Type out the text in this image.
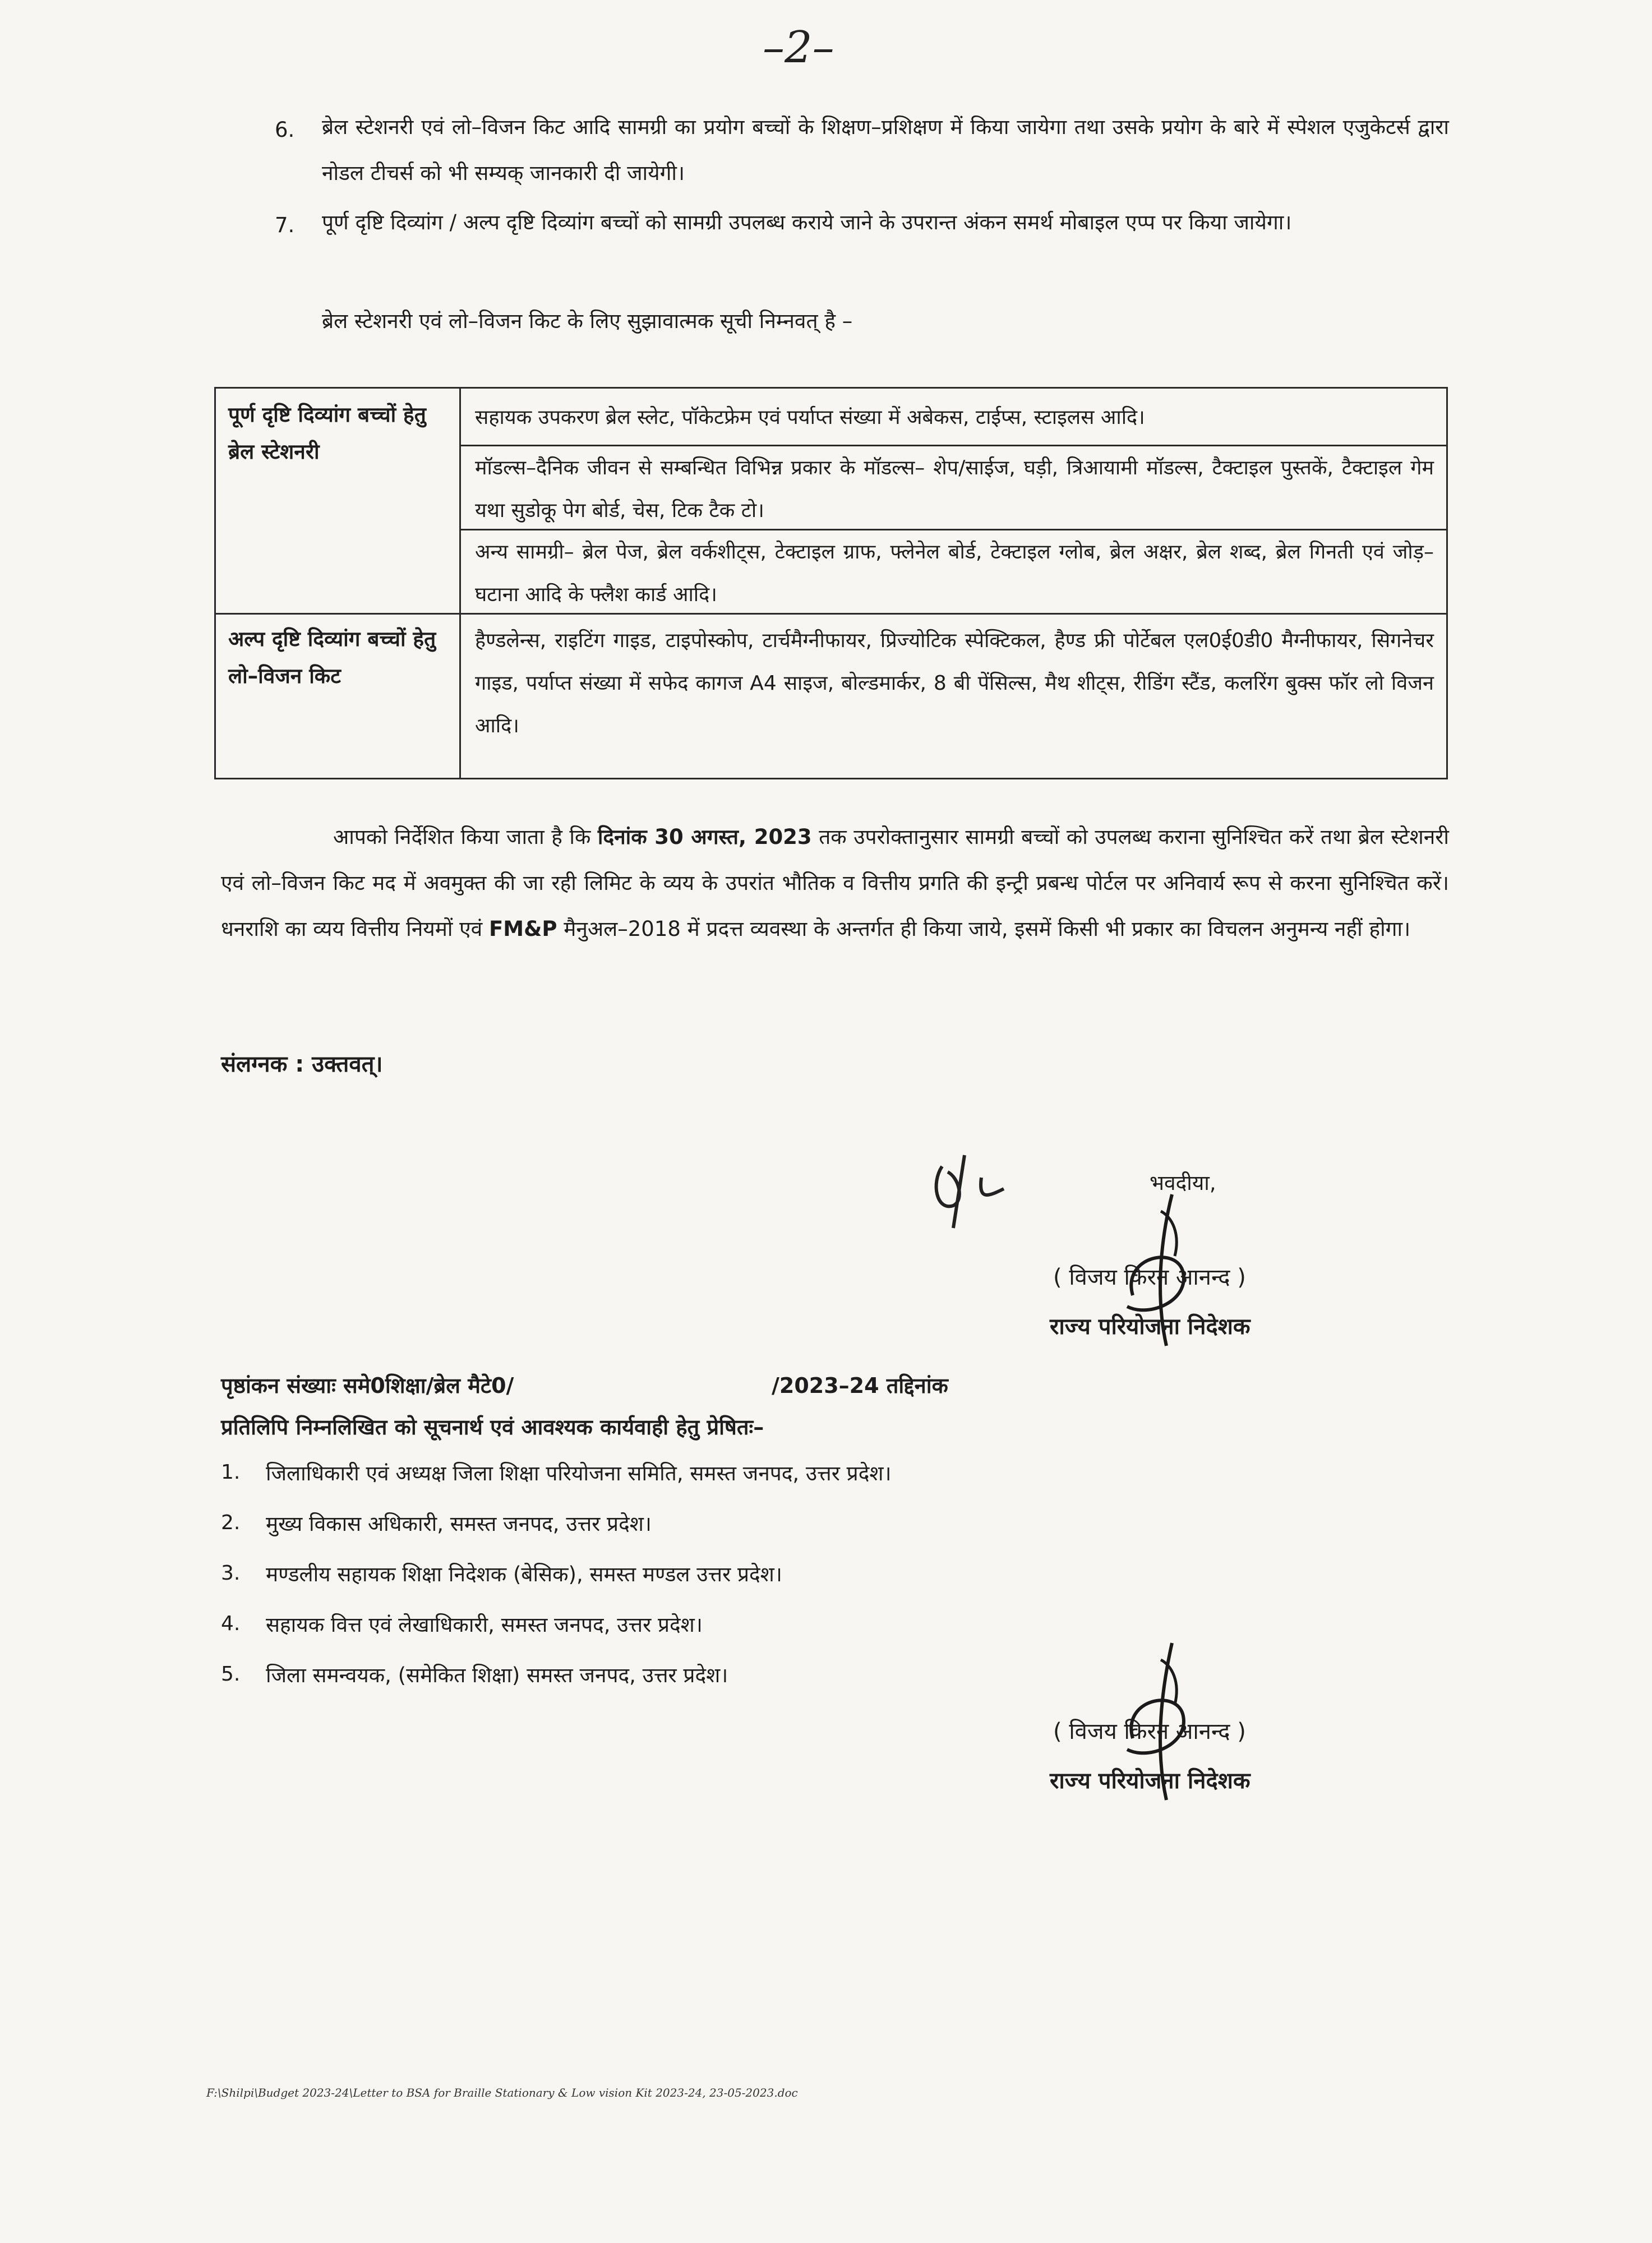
–2–
6. ब्रेल स्टेशनरी एवं लो–विजन किट आदि सामग्री का प्रयोग बच्चों के शिक्षण–प्रशिक्षण में किया जायेगा तथा उसके प्रयोग के बारे में स्पेशल एजुकेटर्स द्वारा नोडल टीचर्स को भी सम्यक् जानकारी दी जायेगी।
7. पूर्ण दृष्टि दिव्यांग / अल्प दृष्टि दिव्यांग बच्चों को सामग्री उपलब्ध कराये जाने के उपरान्त अंकन समर्थ मोबाइल एप्प पर किया जायेगा।
ब्रेल स्टेशनरी एवं लो–विजन किट के लिए सुझावात्मक सूची निम्नवत् है –
पूर्ण दृष्टि दिव्यांग बच्चों हेतु ब्रेल स्टेशनरी
सहायक उपकरण ब्रेल स्लेट, पॉकेटफ्रेम एवं पर्याप्त संख्या में अबेकस, टाईप्स, स्टाइलस आदि।
मॉडल्स–दैनिक जीवन से सम्बन्धित विभिन्न प्रकार के मॉडल्स– शेप/साईज, घड़ी, त्रिआयामी मॉडल्स, टैक्टाइल पुस्तकें, टैक्टाइल गेम यथा सुडोकू पेग बोर्ड, चेस, टिक टैक टो।
अन्य सामग्री– ब्रेल पेज, ब्रेल वर्कशीट्स, टेक्टाइल ग्राफ, फ्लेनेल बोर्ड, टेक्टाइल ग्लोब, ब्रेल अक्षर, ब्रेल शब्द, ब्रेल गिनती एवं जोड़–घटाना आदि के फ्लैश कार्ड आदि।
अल्प दृष्टि दिव्यांग बच्चों हेतु लो–विजन किट
हैण्डलेन्स, राइटिंग गाइड, टाइपोस्कोप, टार्चमैग्नीफायर, प्रिज्योटिक स्पेक्टिकल, हैण्ड फ्री पोर्टेबल एल0ई0डी0 मैग्नीफायर, सिगनेचर गाइड, पर्याप्त संख्या में सफेद कागज A4 साइज, बोल्डमार्कर, 8 बी पेंसिल्स, मैथ शीट्स, रीडिंग स्टैंड, कलरिंग बुक्स फॉर लो विजन आदि।
आपको निर्देशित किया जाता है कि दिनांक 30 अगस्त, 2023 तक उपरोक्तानुसार सामग्री बच्चों को उपलब्ध कराना सुनिश्चित करें तथा ब्रेल स्टेशनरी एवं लो–विजन किट मद में अवमुक्त की जा रही लिमिट के व्यय के उपरांत भौतिक व वित्तीय प्रगति की इन्ट्री प्रबन्ध पोर्टल पर अनिवार्य रूप से करना सुनिश्चित करें। धनराशि का व्यय वित्तीय नियमों एवं FM&P मैनुअल–2018 में प्रदत्त व्यवस्था के अन्तर्गत ही किया जाये, इसमें किसी भी प्रकार का विचलन अनुमन्य नहीं होगा।
संलग्नक : उक्तवत्।
भवदीया,
( विजय किरन आनन्द )
राज्य परियोजना निदेशक
पृष्ठांकन संख्याः समे0शिक्षा/ब्रेल मैटे0/	/2023–24 तद्दिनांक
प्रतिलिपि निम्नलिखित को सूचनार्थ एवं आवश्यक कार्यवाही हेतु प्रेषितः–
1. जिलाधिकारी एवं अध्यक्ष जिला शिक्षा परियोजना समिति, समस्त जनपद, उत्तर प्रदेश।
2. मुख्य विकास अधिकारी, समस्त जनपद, उत्तर प्रदेश।
3. मण्डलीय सहायक शिक्षा निदेशक (बेसिक), समस्त मण्डल उत्तर प्रदेश।
4. सहायक वित्त एवं लेखाधिकारी, समस्त जनपद, उत्तर प्रदेश।
5. जिला समन्वयक, (समेकित शिक्षा) समस्त जनपद, उत्तर प्रदेश।
( विजय किरन आनन्द )
राज्य परियोजना निदेशक
F:\Shilpi\Budget 2023-24\Letter to BSA for Braille Stationary & Low vision Kit 2023-24, 23-05-2023.doc
